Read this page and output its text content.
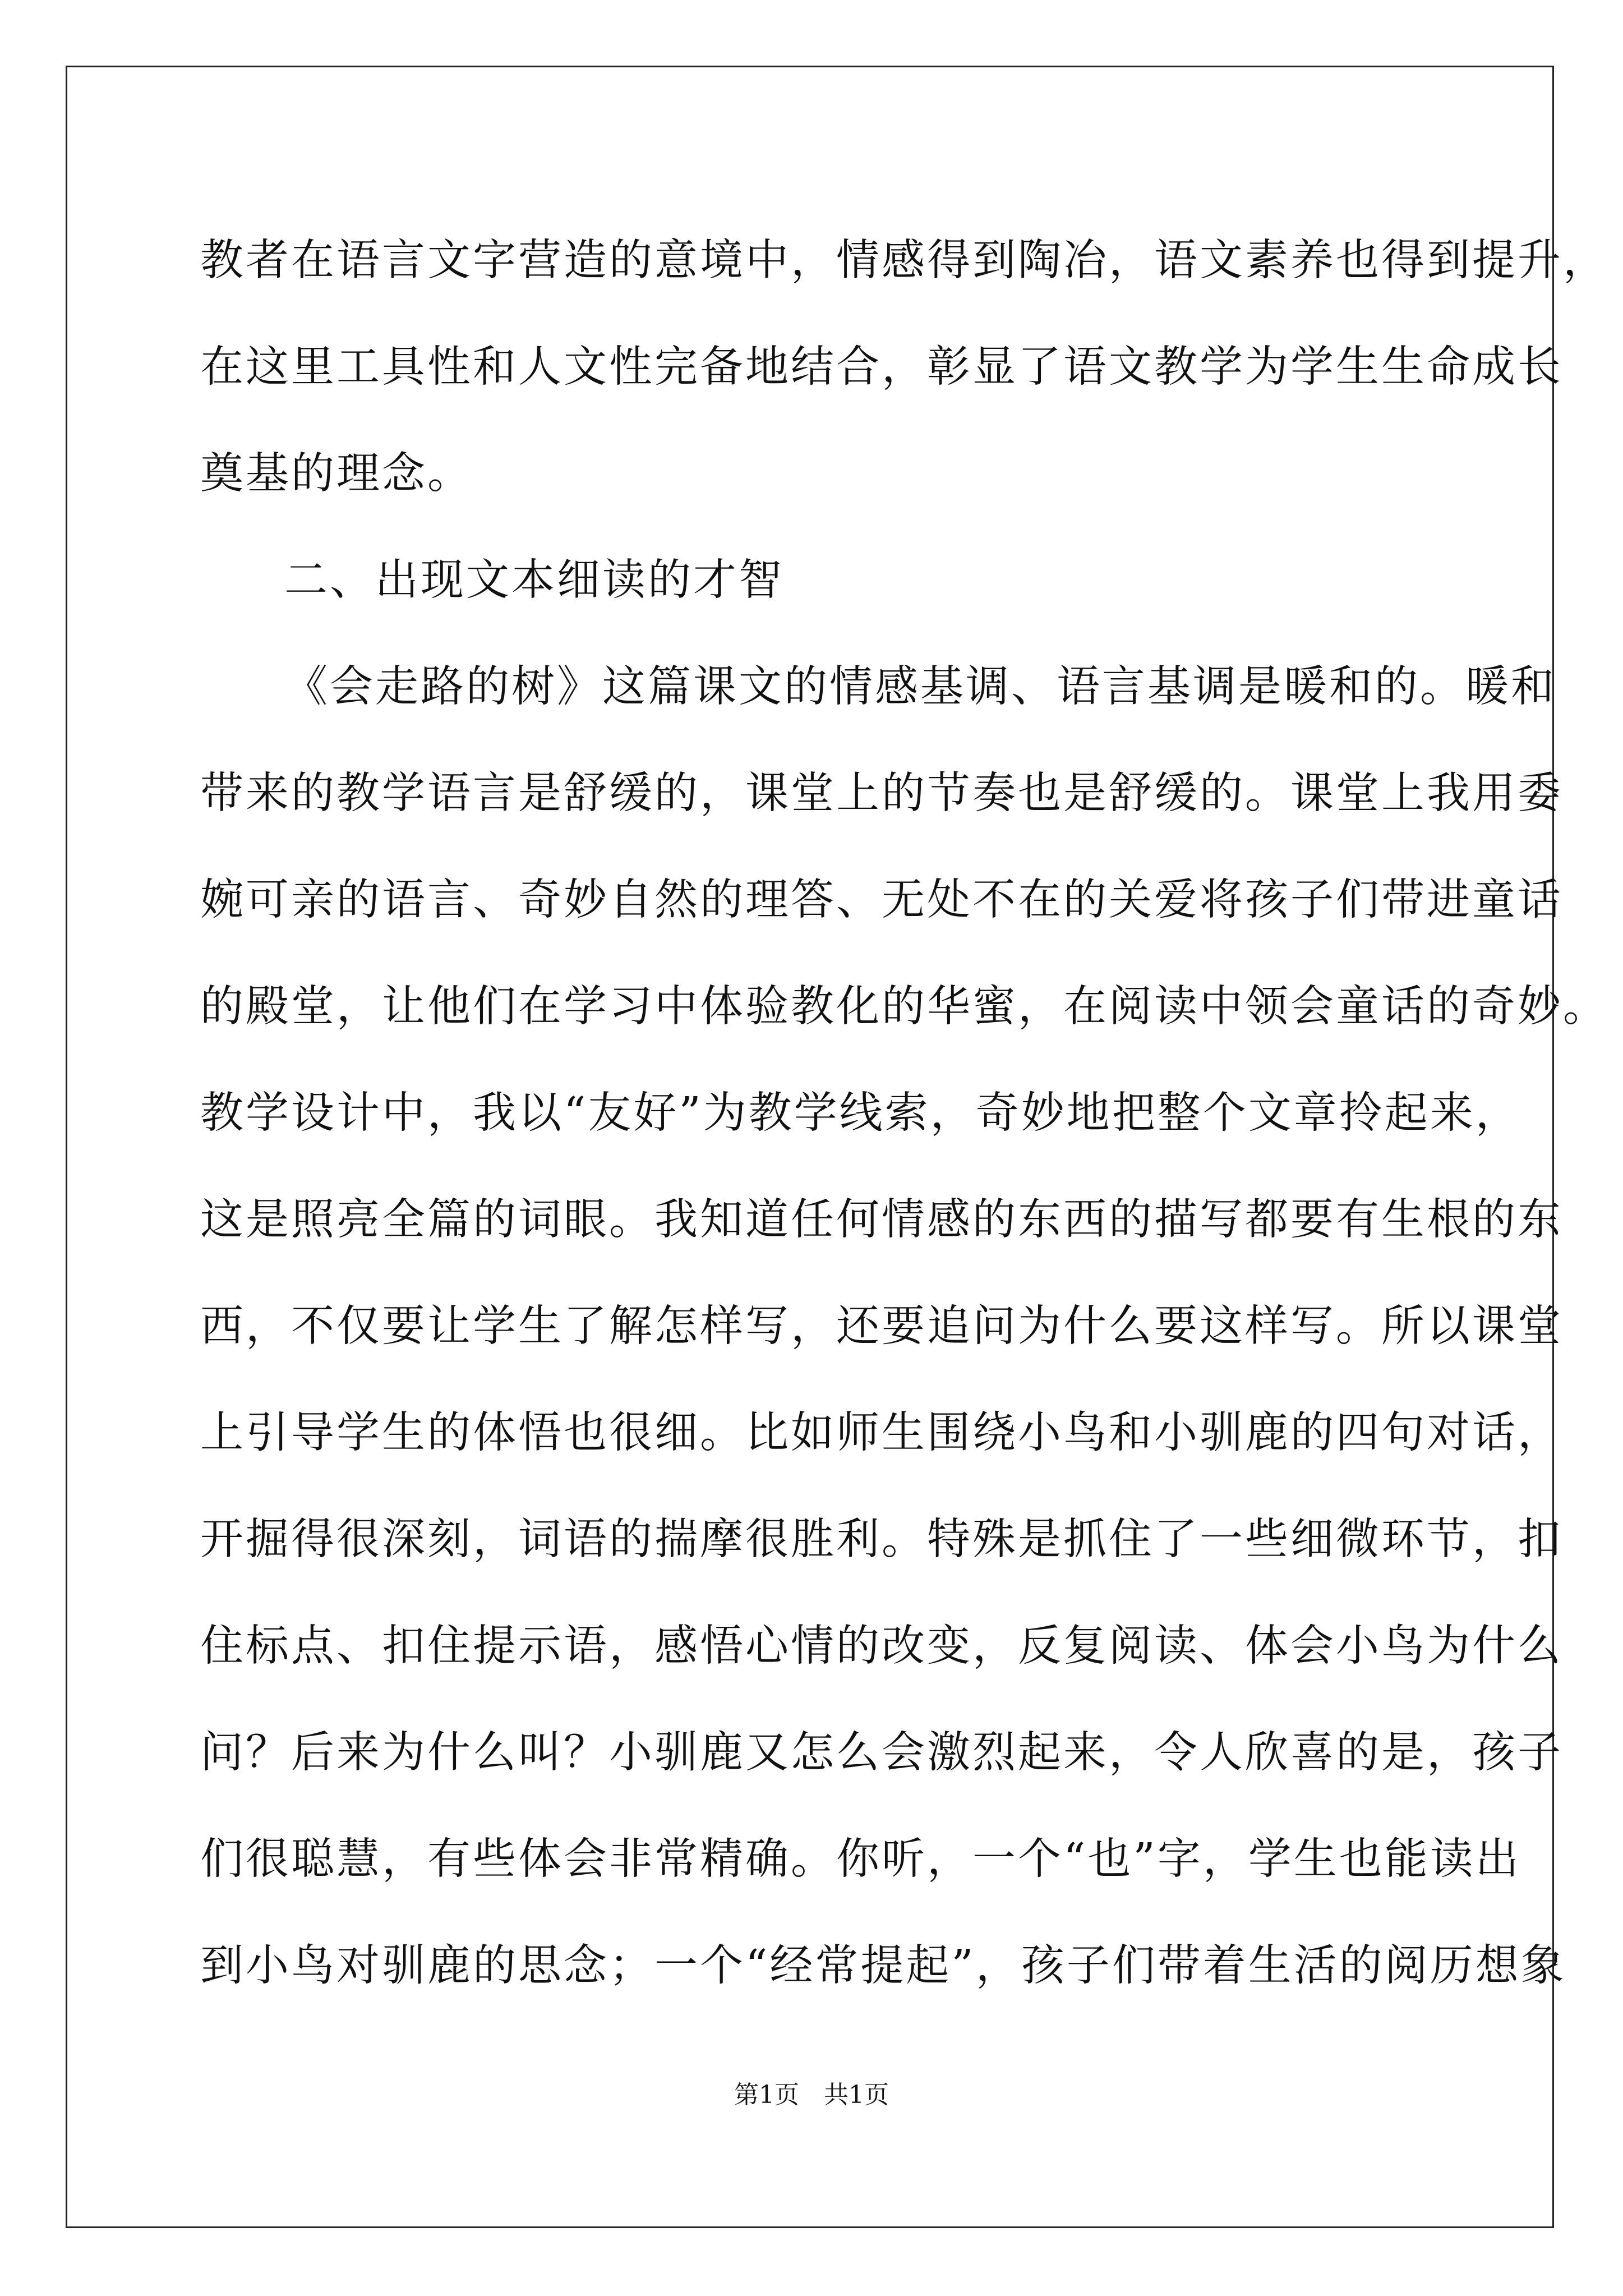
教者在语言文字营造的意境中，情感得到陶冶，语文素养也得到提升，
在这里工具性和人文性完备地结合，彰显了语文教学为学生生命成长
奠基的理念。
二、出现文本细读的才智
《会走路的树》这篇课文的情感基调、语言基调是暖和的。暖和
带来的教学语言是舒缓的，课堂上的节奏也是舒缓的。课堂上我用委
婉可亲的语言、奇妙自然的理答、无处不在的关爱将孩子们带进童话
的殿堂，让他们在学习中体验教化的华蜜，在阅读中领会童话的奇妙。
教学设计中，我以“友好”为教学线索，奇妙地把整个文章拎起来，
这是照亮全篇的词眼。我知道任何情感的东西的描写都要有生根的东
西，不仅要让学生了解怎样写，还要追问为什么要这样写。所以课堂
上引导学生的体悟也很细。比如师生围绕小鸟和小驯鹿的四句对话，
开掘得很深刻，词语的揣摩很胜利。特殊是抓住了一些细微环节，扣
住标点、扣住提示语，感悟心情的改变，反复阅读、体会小鸟为什么
问？后来为什么叫？小驯鹿又怎么会激烈起来，令人欣喜的是，孩子
们很聪慧，有些体会非常精确。你听，一个“也”字，学生也能读出
到小鸟对驯鹿的思念；一个“经常提起”，孩子们带着生活的阅历想象
第1页　共1页
